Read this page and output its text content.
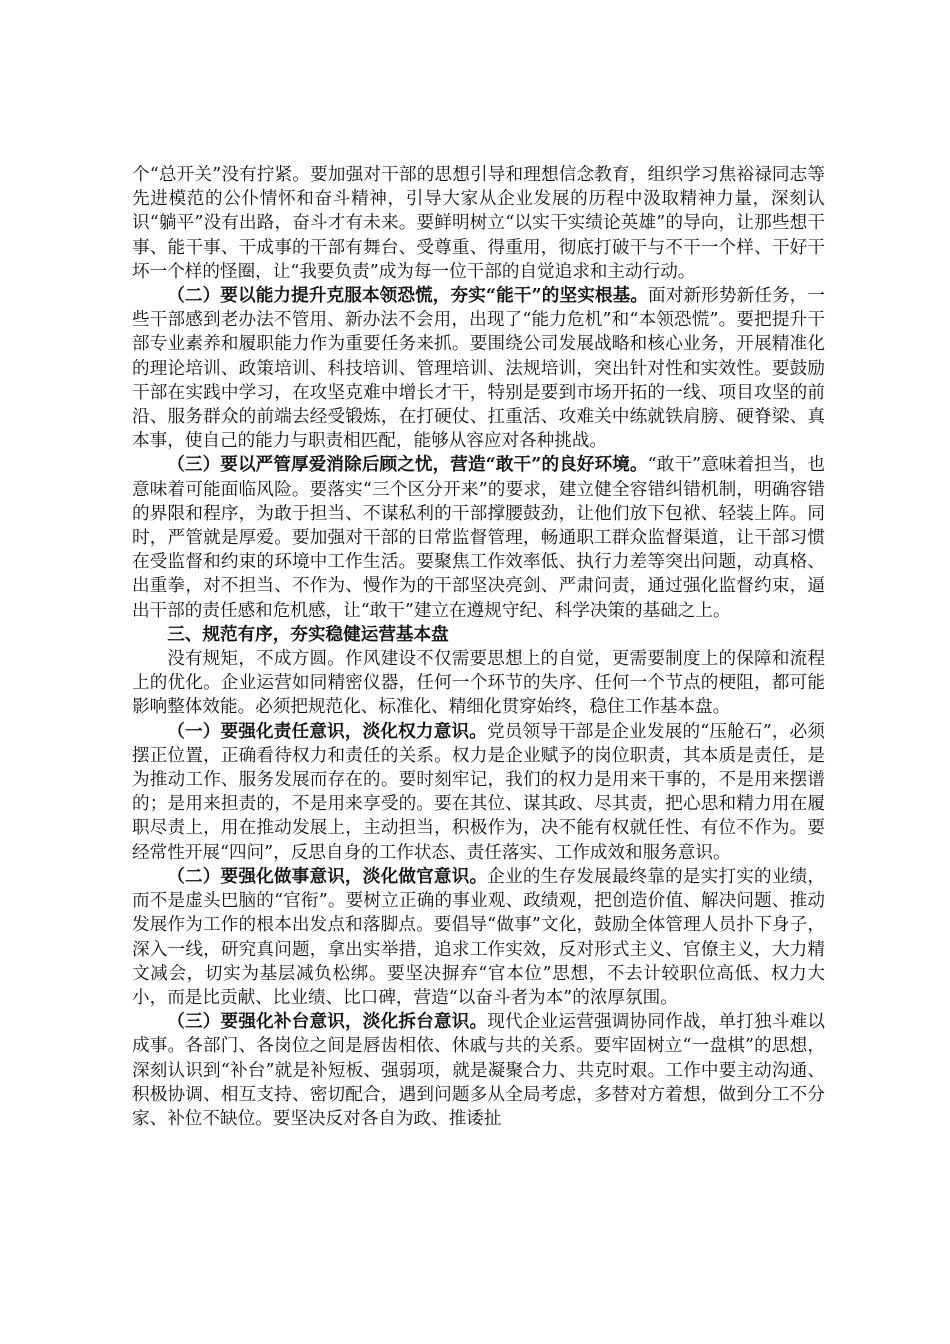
个“总开关”没有拧紧。要加强对干部的思想引导和理想信念教育，组织学习焦裕禄同志等先进模范的公仆情怀和奋斗精神，引导大家从企业发展的历程中汲取精神力量，深刻认识“躺平”没有出路，奋斗才有未来。要鲜明树立“以实干实绩论英雄”的导向，让那些想干事、能干事、干成事的干部有舞台、受尊重、得重用，彻底打破干与不干一个样、干好干坏一个样的怪圈，让“我要负责”成为每一位干部的自觉追求和主动行动。

（二）要以能力提升克服本领恐慌，夯实“能干”的坚实根基。面对新形势新任务，一些干部感到老办法不管用、新办法不会用，出现了“能力危机”和“本领恐慌”。要把提升干部专业素养和履职能力作为重要任务来抓。要围绕公司发展战略和核心业务，开展精准化的理论培训、政策培训、科技培训、管理培训、法规培训，突出针对性和实效性。要鼓励干部在实践中学习，在攻坚克难中增长才干，特别是要到市场开拓的一线、项目攻坚的前沿、服务群众的前端去经受锻炼，在打硬仗、扛重活、攻难关中练就铁肩膀、硬脊梁、真本事，使自己的能力与职责相匹配，能够从容应对各种挑战。

（三）要以严管厚爱消除后顾之忧，营造“敢干”的良好环境。“敢干”意味着担当，也意味着可能面临风险。要落实“三个区分开来”的要求，建立健全容错纠错机制，明确容错的界限和程序，为敢于担当、不谋私利的干部撑腰鼓劲，让他们放下包袱、轻装上阵。同时，严管就是厚爱。要加强对干部的日常监督管理，畅通职工群众监督渠道，让干部习惯在受监督和约束的环境中工作生活。要聚焦工作效率低、执行力差等突出问题，动真格、出重拳，对不担当、不作为、慢作为的干部坚决亮剑、严肃问责，通过强化监督约束，逼出干部的责任感和危机感，让“敢干”建立在遵规守纪、科学决策的基础之上。

三、规范有序，夯实稳健运营基本盘

没有规矩，不成方圆。作风建设不仅需要思想上的自觉，更需要制度上的保障和流程上的优化。企业运营如同精密仪器，任何一个环节的失序、任何一个节点的梗阻，都可能影响整体效能。必须把规范化、标准化、精细化贯穿始终，稳住工作基本盘。

（一）要强化责任意识，淡化权力意识。党员领导干部是企业发展的“压舱石”，必须摆正位置，正确看待权力和责任的关系。权力是企业赋予的岗位职责，其本质是责任，是为推动工作、服务发展而存在的。要时刻牢记，我们的权力是用来干事的，不是用来摆谱的；是用来担责的，不是用来享受的。要在其位、谋其政、尽其责，把心思和精力用在履职尽责上，用在推动发展上，主动担当，积极作为，决不能有权就任性、有位不作为。要经常性开展“四问”，反思自身的工作状态、责任落实、工作成效和服务意识。

（二）要强化做事意识，淡化做官意识。企业的生存发展最终靠的是实打实的业绩，而不是虚头巴脑的“官衔”。要树立正确的事业观、政绩观，把创造价值、解决问题、推动发展作为工作的根本出发点和落脚点。要倡导“做事”文化，鼓励全体管理人员扑下身子，深入一线，研究真问题，拿出实举措，追求工作实效，反对形式主义、官僚主义，大力精文减会，切实为基层减负松绑。要坚决摒弃“官本位”思想，不去计较职位高低、权力大小，而是比贡献、比业绩、比口碑，营造“以奋斗者为本”的浓厚氛围。

（三）要强化补台意识，淡化拆台意识。现代企业运营强调协同作战，单打独斗难以成事。各部门、各岗位之间是唇齿相依、休戚与共的关系。要牢固树立“一盘棋”的思想，深刻认识到“补台”就是补短板、强弱项，就是凝聚合力、共克时艰。工作中要主动沟通、积极协调、相互支持、密切配合，遇到问题多从全局考虑，多替对方着想，做到分工不分家、补位不缺位。要坚决反对各自为政、推诿扯
